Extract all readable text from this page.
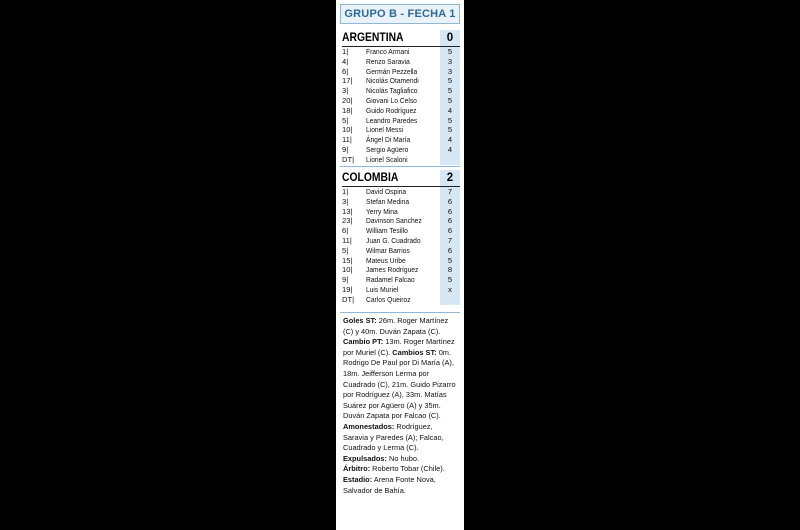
GRUPO B - FECHA 1
ARGENTINA	0
1|	Franco Armani	5
4|	Renzo Saravia	3
6|	Germán Pezzella	3
17|	Nicolás Otamendi	5
3|	Nicolás Tagliafico	5
20|	Giovani Lo Celso	5
18|	Guido Rodríguez	4
5|	Leandro Paredes	5
10|	Lionel Messi	5
11|	Ángel Di María	4
9|	Sergio Agüero	4
DT|	Lionel Scaloni
COLOMBIA	2
1|	David Ospina	7
3|	Stefan Medina	6
13|	Yerry Mina	6
23|	Davinson Sanchez	6
6|	William Tesillo	6
11|	Juan G. Cuadrado	7
5|	Wilmar Barrios	6
15|	Mateus Uribe	5
10|	James Rodríguez	8
9|	Radamel Falcao	5
19|	Luis Muriel	x
DT|	Carlos Queiroz
Goles ST: 26m. Roger Martínez (C) y 40m. Duván Zapata (C).
Cambio PT: 13m. Roger Martínez por Muriel (C). Cambios ST: 0m. Rodrigo De Paul por Di María (A), 18m. Jeifferson Lerma por Cuadrado (C), 21m. Guido Pizarro por Rodríguez (A), 33m. Matías Suárez por Agüero (A) y 35m. Duván Zapata por Falcao (C).
Amonestados: Rodríguez, Saravia y Paredes (A); Falcao, Cuadrado y Lerma (C). Expulsados: No hubo.
Árbitro: Roberto Tobar (Chile).
Estadio: Arena Fonte Nova, Salvador de Bahía.
